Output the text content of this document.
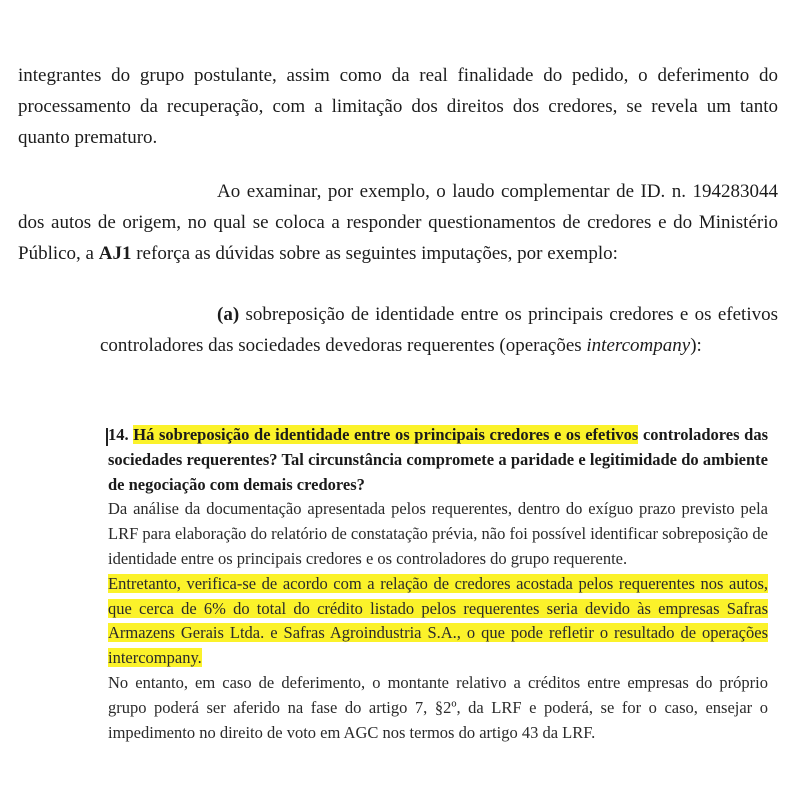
integrantes do grupo postulante, assim como da real finalidade do pedido, o deferimento do processamento da recuperação, com a limitação dos direitos dos credores, se revela um tanto quanto prematuro.

Ao examinar, por exemplo, o laudo complementar de ID. n. 194283044 dos autos de origem, no qual se coloca a responder questionamentos de credores e do Ministério Público, a AJ1 reforça as dúvidas sobre as seguintes imputações, por exemplo:

(a) sobreposição de identidade entre os principais credores e os efetivos controladores das sociedades devedoras requerentes (operações intercompany):

14. Há sobreposição de identidade entre os principais credores e os efetivos controladores das sociedades requerentes? Tal circunstância compromete a paridade e legitimidade do ambiente de negociação com demais credores?

Da análise da documentação apresentada pelos requerentes, dentro do exíguo prazo previsto pela LRF para elaboração do relatório de constatação prévia, não foi possível identificar sobreposição de identidade entre os principais credores e os controladores do grupo requerente.

Entretanto, verifica-se de acordo com a relação de credores acostada pelos requerentes nos autos, que cerca de 6% do total do crédito listado pelos requerentes seria devido às empresas Safras Armazens Gerais Ltda. e Safras Agroindustria S.A., o que pode refletir o resultado de operações intercompany.

No entanto, em caso de deferimento, o montante relativo a créditos entre empresas do próprio grupo poderá ser aferido na fase do artigo 7, §2º, da LRF e poderá, se for o caso, ensejar o impedimento no direito de voto em AGC nos termos do artigo 43 da LRF.
